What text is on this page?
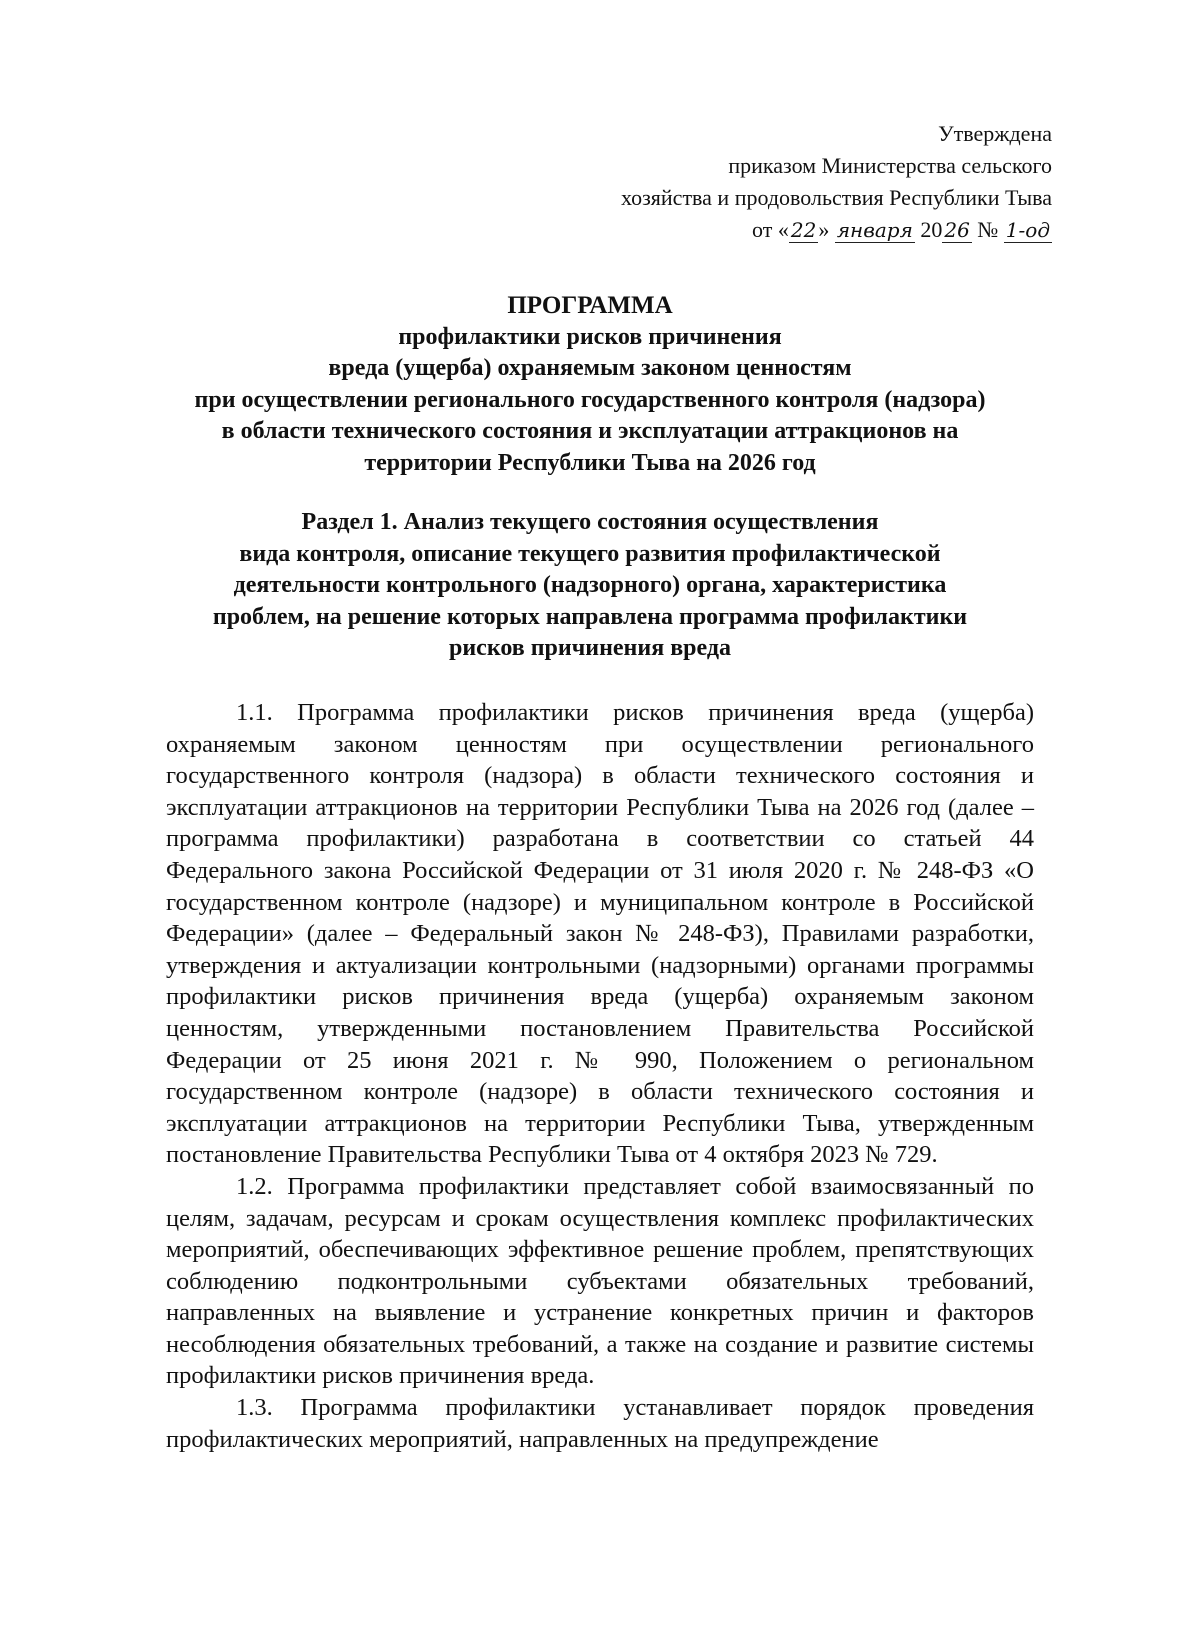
Утверждена
приказом Министерства сельского
хозяйства и продовольствия Республики Тыва
от « 22» января 20 26 № 1-од
ПРОГРАММА
профилактики рисков причинения
вреда (ущерба) охраняемым законом ценностям
при осуществлении регионального государственного контроля (надзора)
в области технического состояния и эксплуатации аттракционов на
территории Республики Тыва на 2026 год
Раздел 1. Анализ текущего состояния осуществления
вида контроля, описание текущего развития профилактической
деятельности контрольного (надзорного) органа, характеристика
проблем, на решение которых направлена программа профилактики
рисков причинения вреда

1.1. Программа профилактики рисков причинения вреда (ущерба) охраняемым законом ценностям при осуществлении регионального государственного контроля (надзора) в области технического состояния и эксплуатации аттракционов на территории Республики Тыва на 2026 год (далее – программа профилактики) разработана в соответствии со статьей 44 Федерального закона Российской Федерации от 31 июля 2020 г. № 248-ФЗ «О государственном контроле (надзоре) и муниципальном контроле в Российской Федерации» (далее – Федеральный закон № 248-ФЗ), Правилами разработки, утверждения и актуализации контрольными (надзорными) органами программы профилактики рисков причинения вреда (ущерба) охраняемым законом ценностям, утвержденными постановлением Правительства Российской Федерации от 25 июня 2021 г. № 990, Положением о региональном государственном контроле (надзоре) в области технического состояния и эксплуатации аттракционов на территории Республики Тыва, утвержденным постановление Правительства Республики Тыва от 4 октября 2023 № 729.

1.2. Программа профилактики представляет собой взаимосвязанный по целям, задачам, ресурсам и срокам осуществления комплекс профилактических мероприятий, обеспечивающих эффективное решение проблем, препятствующих соблюдению подконтрольными субъектами обязательных требований, направленных на выявление и устранение конкретных причин и факторов несоблюдения обязательных требований, а также на создание и развитие системы профилактики рисков причинения вреда.

1.3. Программа профилактики устанавливает порядок проведения профилактических мероприятий, направленных на предупреждение
